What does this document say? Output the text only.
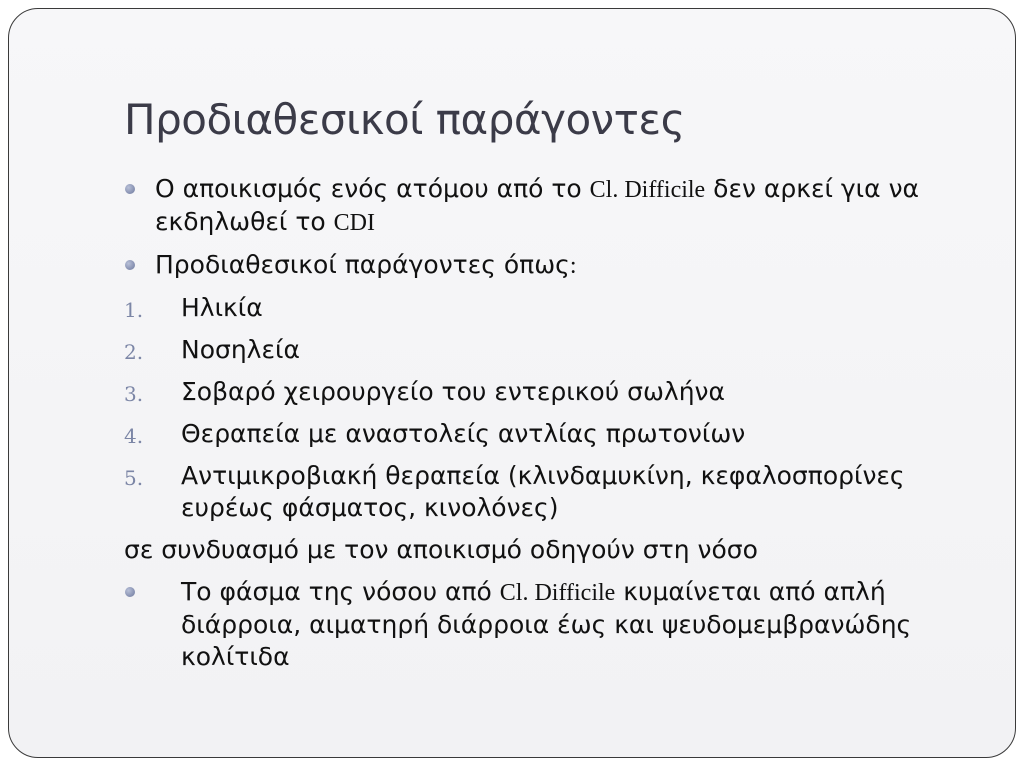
Προδιαθεσικοί παράγοντες
Ο αποικισμός ενός ατόμου από το Cl. Difficile δεν αρκεί για να εκδηλωθεί το CDI
Προδιαθεσικοί παράγοντες όπως:
1. Ηλικία
2. Νοσηλεία
3. Σοβαρό χειρουργείο του εντερικού σωλήνα
4. Θεραπεία με αναστολείς αντλίας πρωτονίων
5. Αντιμικροβιακή θεραπεία (κλινδαμυκίνη, κεφαλοσπορίνες ευρέως φάσματος, κινολόνες)
σε συνδυασμό με τον αποικισμό οδηγούν στη νόσο
Το φάσμα της νόσου από Cl. Difficile κυμαίνεται από απλή διάρροια, αιματηρή διάρροια έως και ψευδομεμβρανώδης κολίτιδα
